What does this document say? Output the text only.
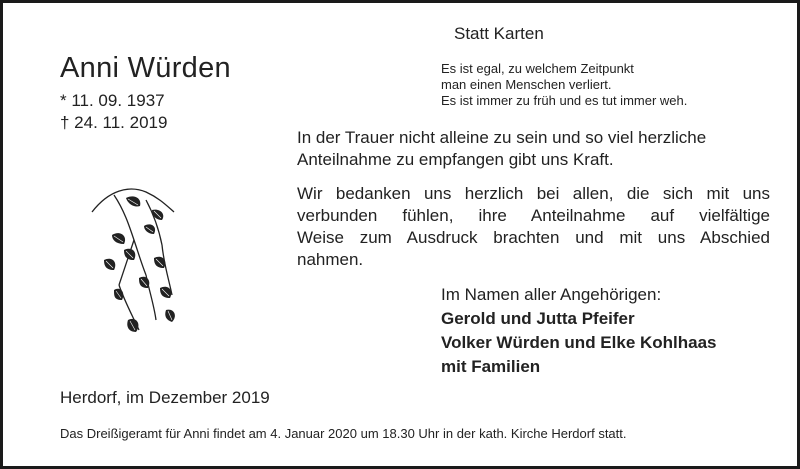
Statt Karten
Es ist egal, zu welchem Zeitpunkt
man einen Menschen verliert.
Es ist immer zu früh und es tut immer weh.
Anni Würden
* 11. 09. 1937
† 24. 11. 2019
In der Trauer nicht alleine zu sein und so viel herzliche
Anteilnahme zu empfangen gibt uns Kraft.
Wir bedanken uns herzlich bei allen, die sich mit uns
verbunden fühlen, ihre Anteilnahme auf vielfältige
Weise zum Ausdruck brachten und mit uns Abschied
nahmen.
Im Namen aller Angehörigen:
Gerold und Jutta Pfeifer
Volker Würden und Elke Kohlhaas
mit Familien
Herdorf, im Dezember 2019
Das Dreißigeramt für Anni findet am 4. Januar 2020 um 18.30 Uhr in der kath. Kirche Herdorf statt.
